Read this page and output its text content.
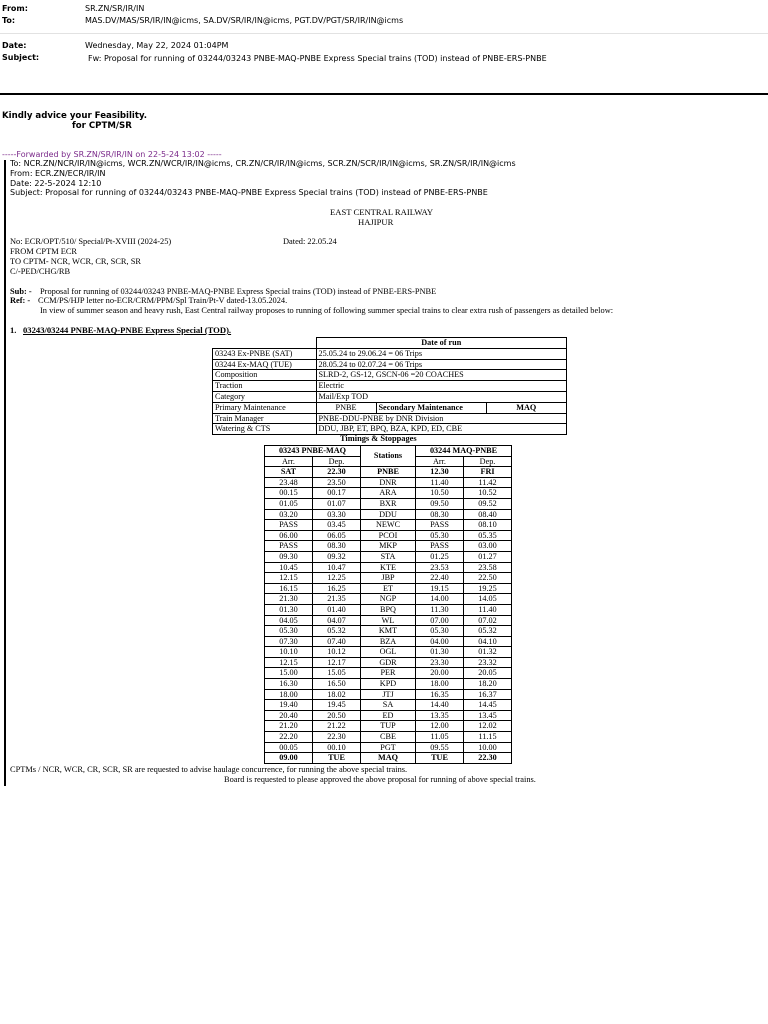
From:	SR.ZN/SR/IR/IN
To:	MAS.DV/MAS/SR/IR/IN@icms, SA.DV/SR/IR/IN@icms, PGT.DV/PGT/SR/IR/IN@icms
Date:	Wednesday, May 22, 2024 01:04PM
Subject:	Fw: Proposal for running of 03244/03243 PNBE-MAQ-PNBE Express Special trains (TOD) instead of PNBE-ERS-PNBE
Kindly advice your Feasibility.
for CPTM/SR
-----Forwarded by SR.ZN/SR/IR/IN on 22-5-24 13:02 -----
To: NCR.ZN/NCR/IR/IN@icms, WCR.ZN/WCR/IR/IN@icms, CR.ZN/CR/IR/IN@icms, SCR.ZN/SCR/IR/IN@icms, SR.ZN/SR/IR/IN@icms
From: ECR.ZN/ECR/IR/IN
Date: 22-5-2024 12:10
Subject: Proposal for running of 03244/03243 PNBE-MAQ-PNBE Express Special trains (TOD) instead of PNBE-ERS-PNBE
EAST CENTRAL RAILWAY
HAJIPUR
No: ECR/OPT/510/ Special/Pt-XVIII (2024-25)	Dated: 22.05.24
FROM CPTM ECR
TO CPTM- NCR, WCR, CR, SCR, SR
C/-PED/CHG/RB
Sub: - Proposal for running of 03244/03243 PNBE-MAQ-PNBE Express Special trains (TOD) instead of PNBE-ERS-PNBE
Ref: - CCM/PS/HJP letter no-ECR/CRM/PPM/Spl Train/Pt-V dated-13.05.2024.
In view of summer season and heavy rush, East Central railway proposes to running of following summer special trains to clear extra rush of passengers as detailed below:
1. 03243/03244 PNBE-MAQ-PNBE Express Special (TOD).
	Date of run		
03243 Ex-PNBE (SAT)	25.05.24 to 29.06.24 = 06 Trips		
03244 Ex-MAQ (TUE)	28.05.24 to 02.07.24 = 06 Trips		
Composition	SLRD-2, GS-12, GSCN-06 =20 COACHES		
Traction	Electric		
Category	Mail/Exp TOD		
Primary Maintenance	PNBE	Secondary Maintenance	MAQ
Train Manager	PNBE-DDU-PNBE by DNR Division		
Watering & CTS	DDU, JBP, ET, BPQ, BZA, KPD, ED, CBE		
Timings & Stoppages
03243 PNBE-MAQ		Stations	03244 MAQ-PNBE	
Arr.	Dep.		Arr.	Dep.
SAT	22.30	PNBE	12.30	FRI
23.48	23.50	DNR	11.40	11.42
00.15	00.17	ARA	10.50	10.52
01.05	01.07	BXR	09.50	09.52
03.20	03.30	DDU	08.30	08.40
PASS	03.45	NEWC	PASS	08.10
06.00	06.05	PCOI	05.30	05.35
PASS	08.30	MKP	PASS	03.00
09.30	09.32	STA	01.25	01.27
10.45	10.47	KTE	23.53	23.58
12.15	12.25	JBP	22.40	22.50
16.15	16.25	ET	19.15	19.25
21.30	21.35	NGP	14.00	14.05
01.30	01.40	BPQ	11.30	11.40
04.05	04.07	WL	07.00	07.02
05.30	05.32	KMT	05.30	05.32
07.30	07.40	BZA	04.00	04.10
10.10	10.12	OGL	01.30	01.32
12.15	12.17	GDR	23.30	23.32
15.00	15.05	PER	20.00	20.05
16.30	16.50	KPD	18.00	18.20
18.00	18.02	JTJ	16.35	16.37
19.40	19.45	SA	14.40	14.45
20.40	20.50	ED	13.35	13.45
21.20	21.22	TUP	12.00	12.02
22.20	22.30	CBE	11.05	11.15
00.05	00.10	PGT	09.55	10.00
09.00	TUE	MAQ	TUE	22.30
CPTMs / NCR, WCR, CR, SCR, SR are requested to advise haulage concurrence, for running the above special trains.
Board is requested to please approved the above proposal for running of above special trains.
